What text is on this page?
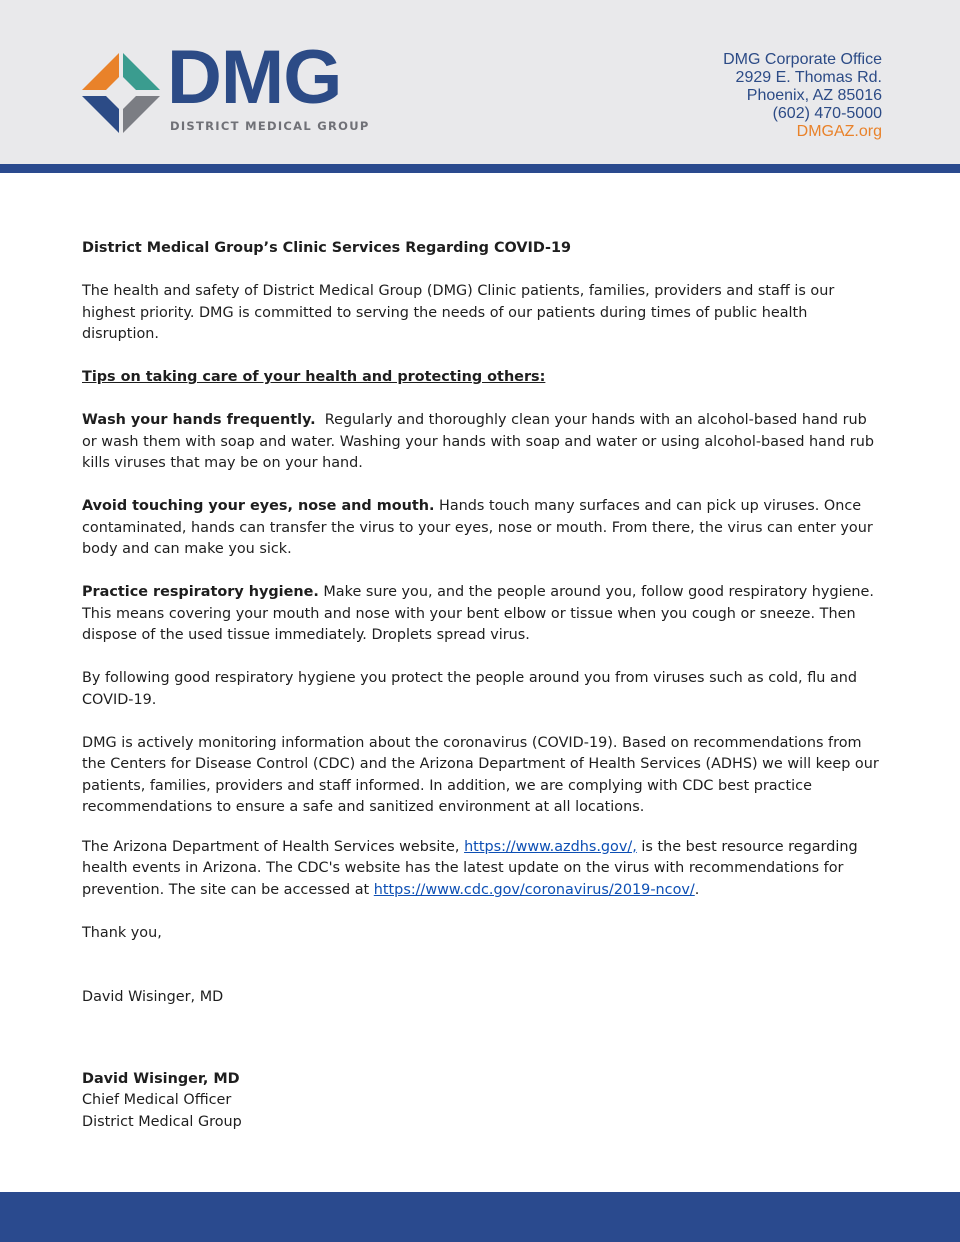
DMG
DISTRICT MEDICAL GROUP
DMG Corporate Office
2929 E. Thomas Rd.
Phoenix, AZ 85016
(602) 470-5000
DMGAZ.org

District Medical Group’s Clinic Services Regarding COVID-19

The health and safety of District Medical Group (DMG) Clinic patients, families, providers and staff is our highest priority. DMG is committed to serving the needs of our patients during times of public health disruption.

Tips on taking care of your health and protecting others:

Wash your hands frequently. Regularly and thoroughly clean your hands with an alcohol-based hand rub or wash them with soap and water. Washing your hands with soap and water or using alcohol-based hand rub kills viruses that may be on your hand.

Avoid touching your eyes, nose and mouth. Hands touch many surfaces and can pick up viruses. Once contaminated, hands can transfer the virus to your eyes, nose or mouth. From there, the virus can enter your body and can make you sick.

Practice respiratory hygiene. Make sure you, and the people around you, follow good respiratory hygiene. This means covering your mouth and nose with your bent elbow or tissue when you cough or sneeze. Then dispose of the used tissue immediately. Droplets spread virus.

By following good respiratory hygiene you protect the people around you from viruses such as cold, flu and COVID-19.

DMG is actively monitoring information about the coronavirus (COVID-19). Based on recommendations from the Centers for Disease Control (CDC) and the Arizona Department of Health Services (ADHS) we will keep our patients, families, providers and staff informed. In addition, we are complying with CDC best practice recommendations to ensure a safe and sanitized environment at all locations.

The Arizona Department of Health Services website, https://www.azdhs.gov/, is the best resource regarding health events in Arizona. The CDC's website has the latest update on the virus with recommendations for prevention. The site can be accessed at https://www.cdc.gov/coronavirus/2019-ncov/.

Thank you,

David Wisinger, MD

David Wisinger, MD

Chief Medical Officer

District Medical Group
